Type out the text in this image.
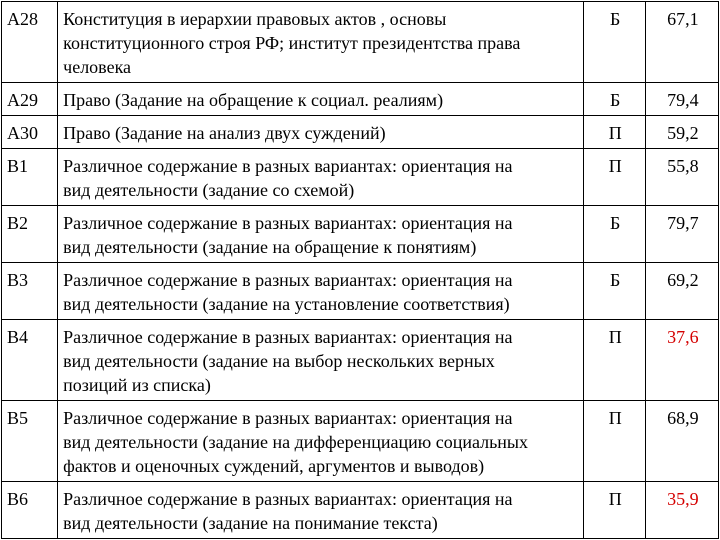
A28	Конституция в иерархии правовых актов , основы
конституционного строя РФ; институт президентства права
человека	Б	67,1
A29	Право (Задание на обращение к социал. реалиям)	Б	79,4
A30	Право (Задание на анализ двух суждений)	П	59,2
B1	Различное содержание в разных вариантах: ориентация на
вид деятельности (задание со схемой)	П	55,8
B2	Различное содержание в разных вариантах: ориентация на
вид деятельности (задание на обращение к понятиям)	Б	79,7
B3	Различное содержание в разных вариантах: ориентация на
вид деятельности (задание на установление соответствия)	Б	69,2
B4	Различное содержание в разных вариантах: ориентация на
вид деятельности (задание на выбор нескольких верных
позиций из списка)	П	37,6
B5	Различное содержание в разных вариантах: ориентация на
вид деятельности (задание на дифференциацию социальных
фактов и оценочных суждений, аргументов и выводов)	П	68,9
B6	Различное содержание в разных вариантах: ориентация на
вид деятельности (задание на понимание текста)	П	35,9
